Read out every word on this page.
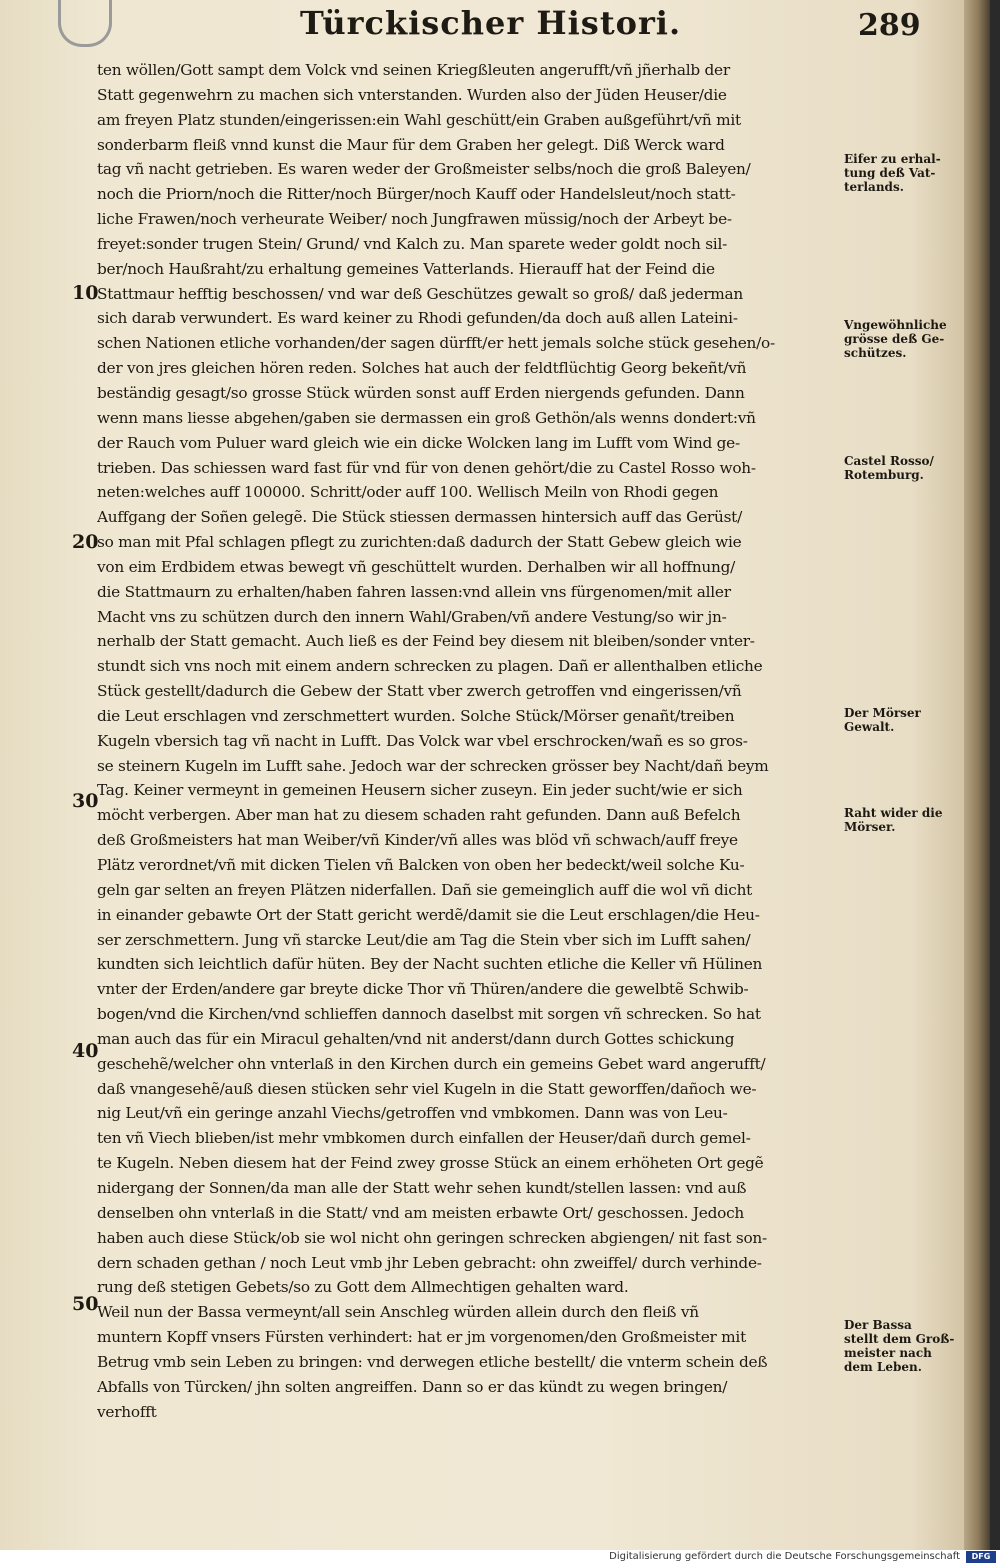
Türckischer Histori.	289
ten wöllen/Gott sampt dem Volck vnd seinen Kriegßleuten angerufft/vñ jñerhalb der
Statt gegenwehrn zu machen sich vnterstanden. Wurden also der Jüden Heuser/die
am freyen Platz stunden/eingerissen:ein Wahl geschütt/ein Graben außgeführt/vñ mit
sonderbarm fleiß vnnd kunst die Maur für dem Graben her gelegt. Diß Werck ward
tag vñ nacht getrieben. Es waren weder der Großmeister selbs/noch die groß Baleyen/
noch die Priorn/noch die Ritter/noch Bürger/noch Kauff oder Handelsleut/noch statt-
liche Frawen/noch verheurate Weiber/ noch Jungfrawen müssig/noch der Arbeyt be-
freyet:sonder trugen Stein/ Grund/ vnd Kalch zu. Man sparete weder goldt noch sil-
ber/noch Haußraht/zu erhaltung gemeines Vatterlands. Hierauff hat der Feind die
Stattmaur hefftig beschossen/ vnd war deß Geschützes gewalt so groß/ daß jederman
sich darab verwundert. Es ward keiner zu Rhodi gefunden/da doch auß allen Lateini-
schen Nationen etliche vorhanden/der sagen dürfft/er hett jemals solche stück gesehen/o-
der von jres gleichen hören reden. Solches hat auch der feldtflüchtig Georg bekeñt/vñ
beständig gesagt/so grosse Stück würden sonst auff Erden niergends gefunden. Dann
wenn mans liesse abgehen/gaben sie dermassen ein groß Gethön/als wenns dondert:vñ
der Rauch vom Puluer ward gleich wie ein dicke Wolcken lang im Lufft vom Wind ge-
trieben. Das schiessen ward fast für vnd für von denen gehört/die zu Castel Rosso woh-
neten:welches auff 100000. Schritt/oder auff 100. Wellisch Meiln von Rhodi gegen
Auffgang der Soñen gelegẽ. Die Stück stiessen dermassen hintersich auff das Gerüst/
so man mit Pfal schlagen pflegt zu zurichten:daß dadurch der Statt Gebew gleich wie
von eim Erdbidem etwas bewegt vñ geschüttelt wurden. Derhalben wir all hoffnung/
die Stattmaurn zu erhalten/haben fahren lassen:vnd allein vns fürgenomen/mit aller
Macht vns zu schützen durch den innern Wahl/Graben/vñ andere Vestung/so wir jn-
nerhalb der Statt gemacht. Auch ließ es der Feind bey diesem nit bleiben/sonder vnter-
stundt sich vns noch mit einem andern schrecken zu plagen. Dañ er allenthalben etliche
Stück gestellt/dadurch die Gebew der Statt vber zwerch getroffen vnd eingerissen/vñ
die Leut erschlagen vnd zerschmettert wurden. Solche Stück/Mörser genañt/treiben
Kugeln vbersich tag vñ nacht in Lufft. Das Volck war vbel erschrocken/wañ es so gros-
se steinern Kugeln im Lufft sahe. Jedoch war der schrecken grösser bey Nacht/dañ beym
Tag. Keiner vermeynt in gemeinen Heusern sicher zuseyn. Ein jeder sucht/wie er sich
möcht verbergen. Aber man hat zu diesem schaden raht gefunden. Dann auß Befelch
deß Großmeisters hat man Weiber/vñ Kinder/vñ alles was blöd vñ schwach/auff freye
Plätz verordnet/vñ mit dicken Tielen vñ Balcken von oben her bedeckt/weil solche Ku-
geln gar selten an freyen Plätzen niderfallen. Dañ sie gemeinglich auff die wol vñ dicht
in einander gebawte Ort der Statt gericht werdẽ/damit sie die Leut erschlagen/die Heu-
ser zerschmettern. Jung vñ starcke Leut/die am Tag die Stein vber sich im Lufft sahen/
kundten sich leichtlich dafür hüten. Bey der Nacht suchten etliche die Keller vñ Hülinen
vnter der Erden/andere gar breyte dicke Thor vñ Thüren/andere die gewelbtẽ Schwib-
bogen/vnd die Kirchen/vnd schlieffen dannoch daselbst mit sorgen vñ schrecken. So hat
man auch das für ein Miracul gehalten/vnd nit anderst/dann durch Gottes schickung
geschehẽ/welcher ohn vnterlaß in den Kirchen durch ein gemeins Gebet ward angerufft/
daß vnangesehẽ/auß diesen stücken sehr viel Kugeln in die Statt geworffen/dañoch we-
nig Leut/vñ ein geringe anzahl Viechs/getroffen vnd vmbkomen. Dann was von Leu-
ten vñ Viech blieben/ist mehr vmbkomen durch einfallen der Heuser/dañ durch gemel-
te Kugeln. Neben diesem hat der Feind zwey grosse Stück an einem erhöheten Ort gegẽ
nidergang der Sonnen/da man alle der Statt wehr sehen kundt/stellen lassen: vnd auß
denselben ohn vnterlaß in die Statt/ vnd am meisten erbawte Ort/ geschossen. Jedoch
haben auch diese Stück/ob sie wol nicht ohn geringen schrecken abgiengen/ nit fast son-
dern schaden gethan / noch Leut vmb jhr Leben gebracht: ohn zweiffel/ durch verhinde-
rung deß stetigen Gebets/so zu Gott dem Allmechtigen gehalten ward.
Weil nun der Bassa vermeynt/all sein Anschleg würden allein durch den fleiß vñ
muntern Kopff vnsers Fürsten verhindert: hat er jm vorgenomen/den Großmeister mit
Betrug vmb sein Leben zu bringen: vnd derwegen etliche bestellt/ die vnterm schein deß
Abfalls von Türcken/ jhn solten angreiffen. Dann so er das kündt zu wegen bringen/
verhofft
10
20
30
40
50
Eifer zu erhal-
tung deß Vat-
terlands.
Vngewöhnliche
grösse deß Ge-
schützes.
Castel Rosso/
Rotemburg.
Der Mörser
Gewalt.
Raht wider die
Mörser.
Der Bassa
stellt dem Groß-
meister nach
dem Leben.
Digitalisierung gefördert durch die Deutsche Forschungsgemeinschaft	DFG
